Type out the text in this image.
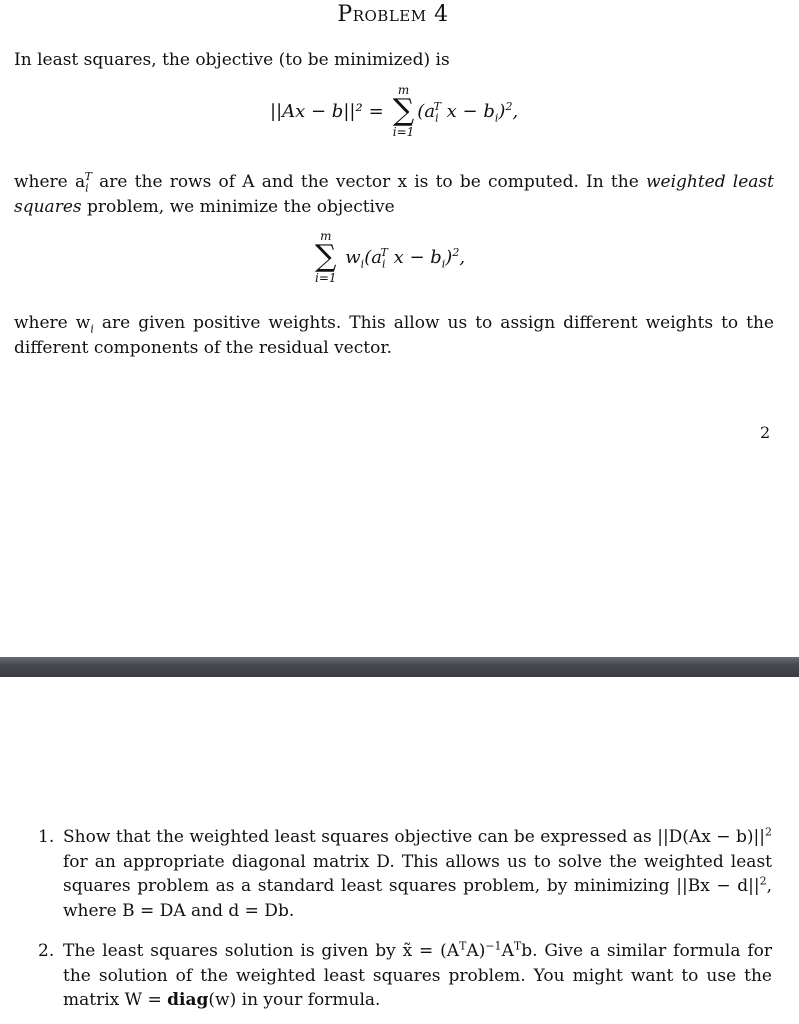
Problem 4
In least squares, the objective (to be minimized) is
||Ax − b||² =
m
∑
i=1
($a_i^T$ $x - b_i)^2$,
where $a_i^T$ are the rows of A and the vector x is to be computed. In the weighted least squares problem, we minimize the objective
m
∑
i=1
$w_i(a_i^T$ $x - b_i)^2$,
where $w_i$ are given positive weights. This allow us to assign different weights to the different components of the residual vector.
2
1. Show that the weighted least squares objective can be expressed as $||D(Ax - b)||^2$ for an appropriate diagonal matrix D. This allows us to solve the weighted least squares problem as a standard least squares problem, by minimizing $||Bx - d||^2$, where B = DA and d = Db.
2. The least squares solution is given by x̃ = $(A^TA)^{-1}A^Tb$. Give a similar formula for the solution of the weighted least squares problem. You might want to use the matrix W = diag(w) in your formula.
